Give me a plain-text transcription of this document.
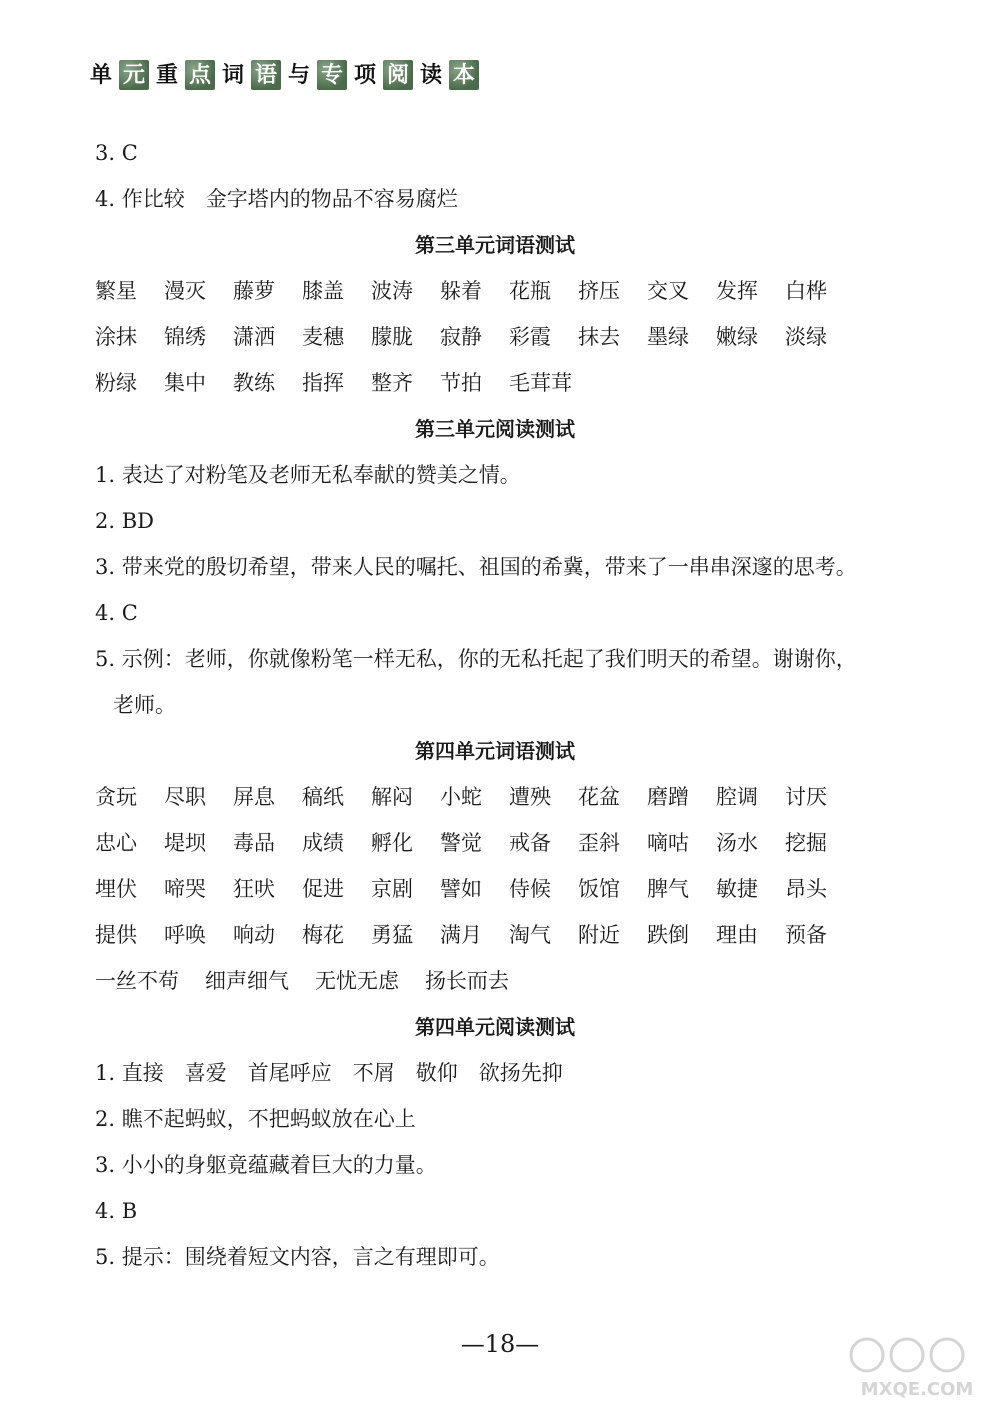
单 元 重 点 词 语 与 专 项 阅 读 本
3. C
4. 作比较　金字塔内的物品不容易腐烂
第三单元词语测试
繁星	漫灭	藤萝	膝盖	波涛	躲着	花瓶	挤压	交叉	发挥	白桦
涂抹	锦绣	潇洒	麦穗	朦胧	寂静	彩霞	抹去	墨绿	嫩绿	淡绿
粉绿	集中	教练	指挥	整齐	节拍	毛茸茸
第三单元阅读测试
1. 表达了对粉笔及老师无私奉献的赞美之情。
2. BD
3. 带来党的殷切希望，带来人民的嘱托、祖国的希冀，带来了一串串深邃的思考。
4. C
5. 示例：老师，你就像粉笔一样无私，你的无私托起了我们明天的希望。谢谢你，
老师。
第四单元词语测试
贪玩	尽职	屏息	稿纸	解闷	小蛇	遭殃	花盆	磨蹭	腔调	讨厌
忠心	堤坝	毒品	成绩	孵化	警觉	戒备	歪斜	嘀咕	汤水	挖掘
埋伏	啼哭	狂吠	促进	京剧	譬如	侍候	饭馆	脾气	敏捷	昂头
提供	呼唤	响动	梅花	勇猛	满月	淘气	附近	跌倒	理由	预备
一丝不苟 细声细气 无忧无虑 扬长而去
第四单元阅读测试
1. 直接　喜爱　首尾呼应　不屑　敬仰　欲扬先抑
2. 瞧不起蚂蚁，不把蚂蚁放在心上
3. 小小的身躯竟蕴藏着巨大的力量。
4. B
5. 提示：围绕着短文内容，言之有理即可。
—18—
MXQE.COM
